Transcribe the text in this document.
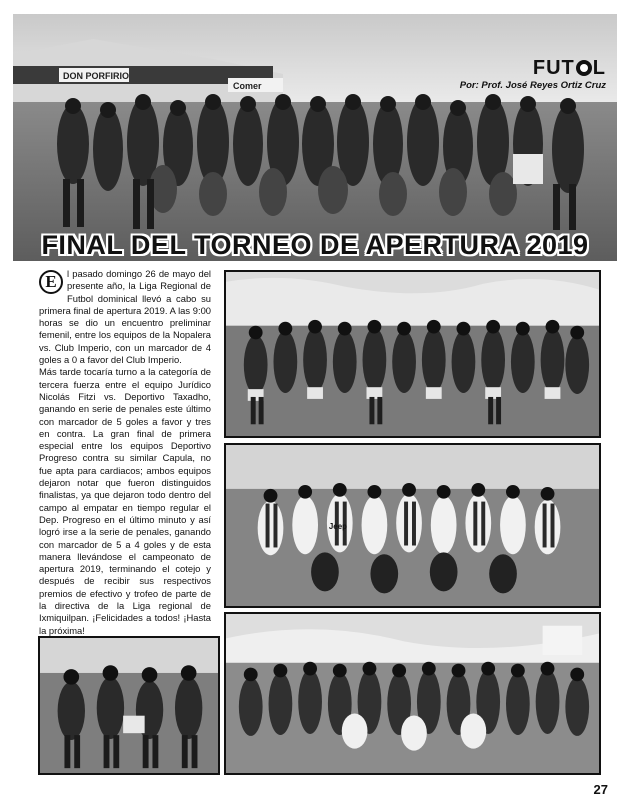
DON PORFIRIO
Comer
FUT L
Por: Prof. José Reyes Ortiz Cruz
FINAL DEL TORNEO DE APERTURA 2019

E	l pasado domingo 26 de mayo del presente año, la Liga Regional de Futbol dominical llevó a cabo su primera final de apertura 2019. A las 9:00 horas se dio un encuentro preliminar femenil, entre los equipos de la Nopalera vs. Club Imperio, con un marcador de 4 goles a 0 a favor del Club Imperio.

Más tarde tocaría turno a la categoría de tercera fuerza entre el equipo Jurídico Nicolás Fitzi vs. Deportivo Taxadho, ganando en serie de penales este último con marcador de 5 goles a favor y tres en contra. La gran final de primera especial entre los equipos Deportivo Progreso contra su similar Capula, no fue apta para cardiacos; ambos equipos dejaron notar que fueron distinguidos finalistas, ya que dejaron todo dentro del campo al empatar en tiempo regular el Dep. Progreso en el último minuto y así logró irse a la serie de penales, ganando con marcador de 5 a 4 goles y de esta manera llevándose el campeonato de apertura 2019, terminando el cotejo y después de recibir sus respectivos premios de efectivo y trofeo de parte de la directiva de la Liga regional de Ixmiquilpan. ¡Felicidades a todos! ¡Hasta la próxima!

Jeep
27
